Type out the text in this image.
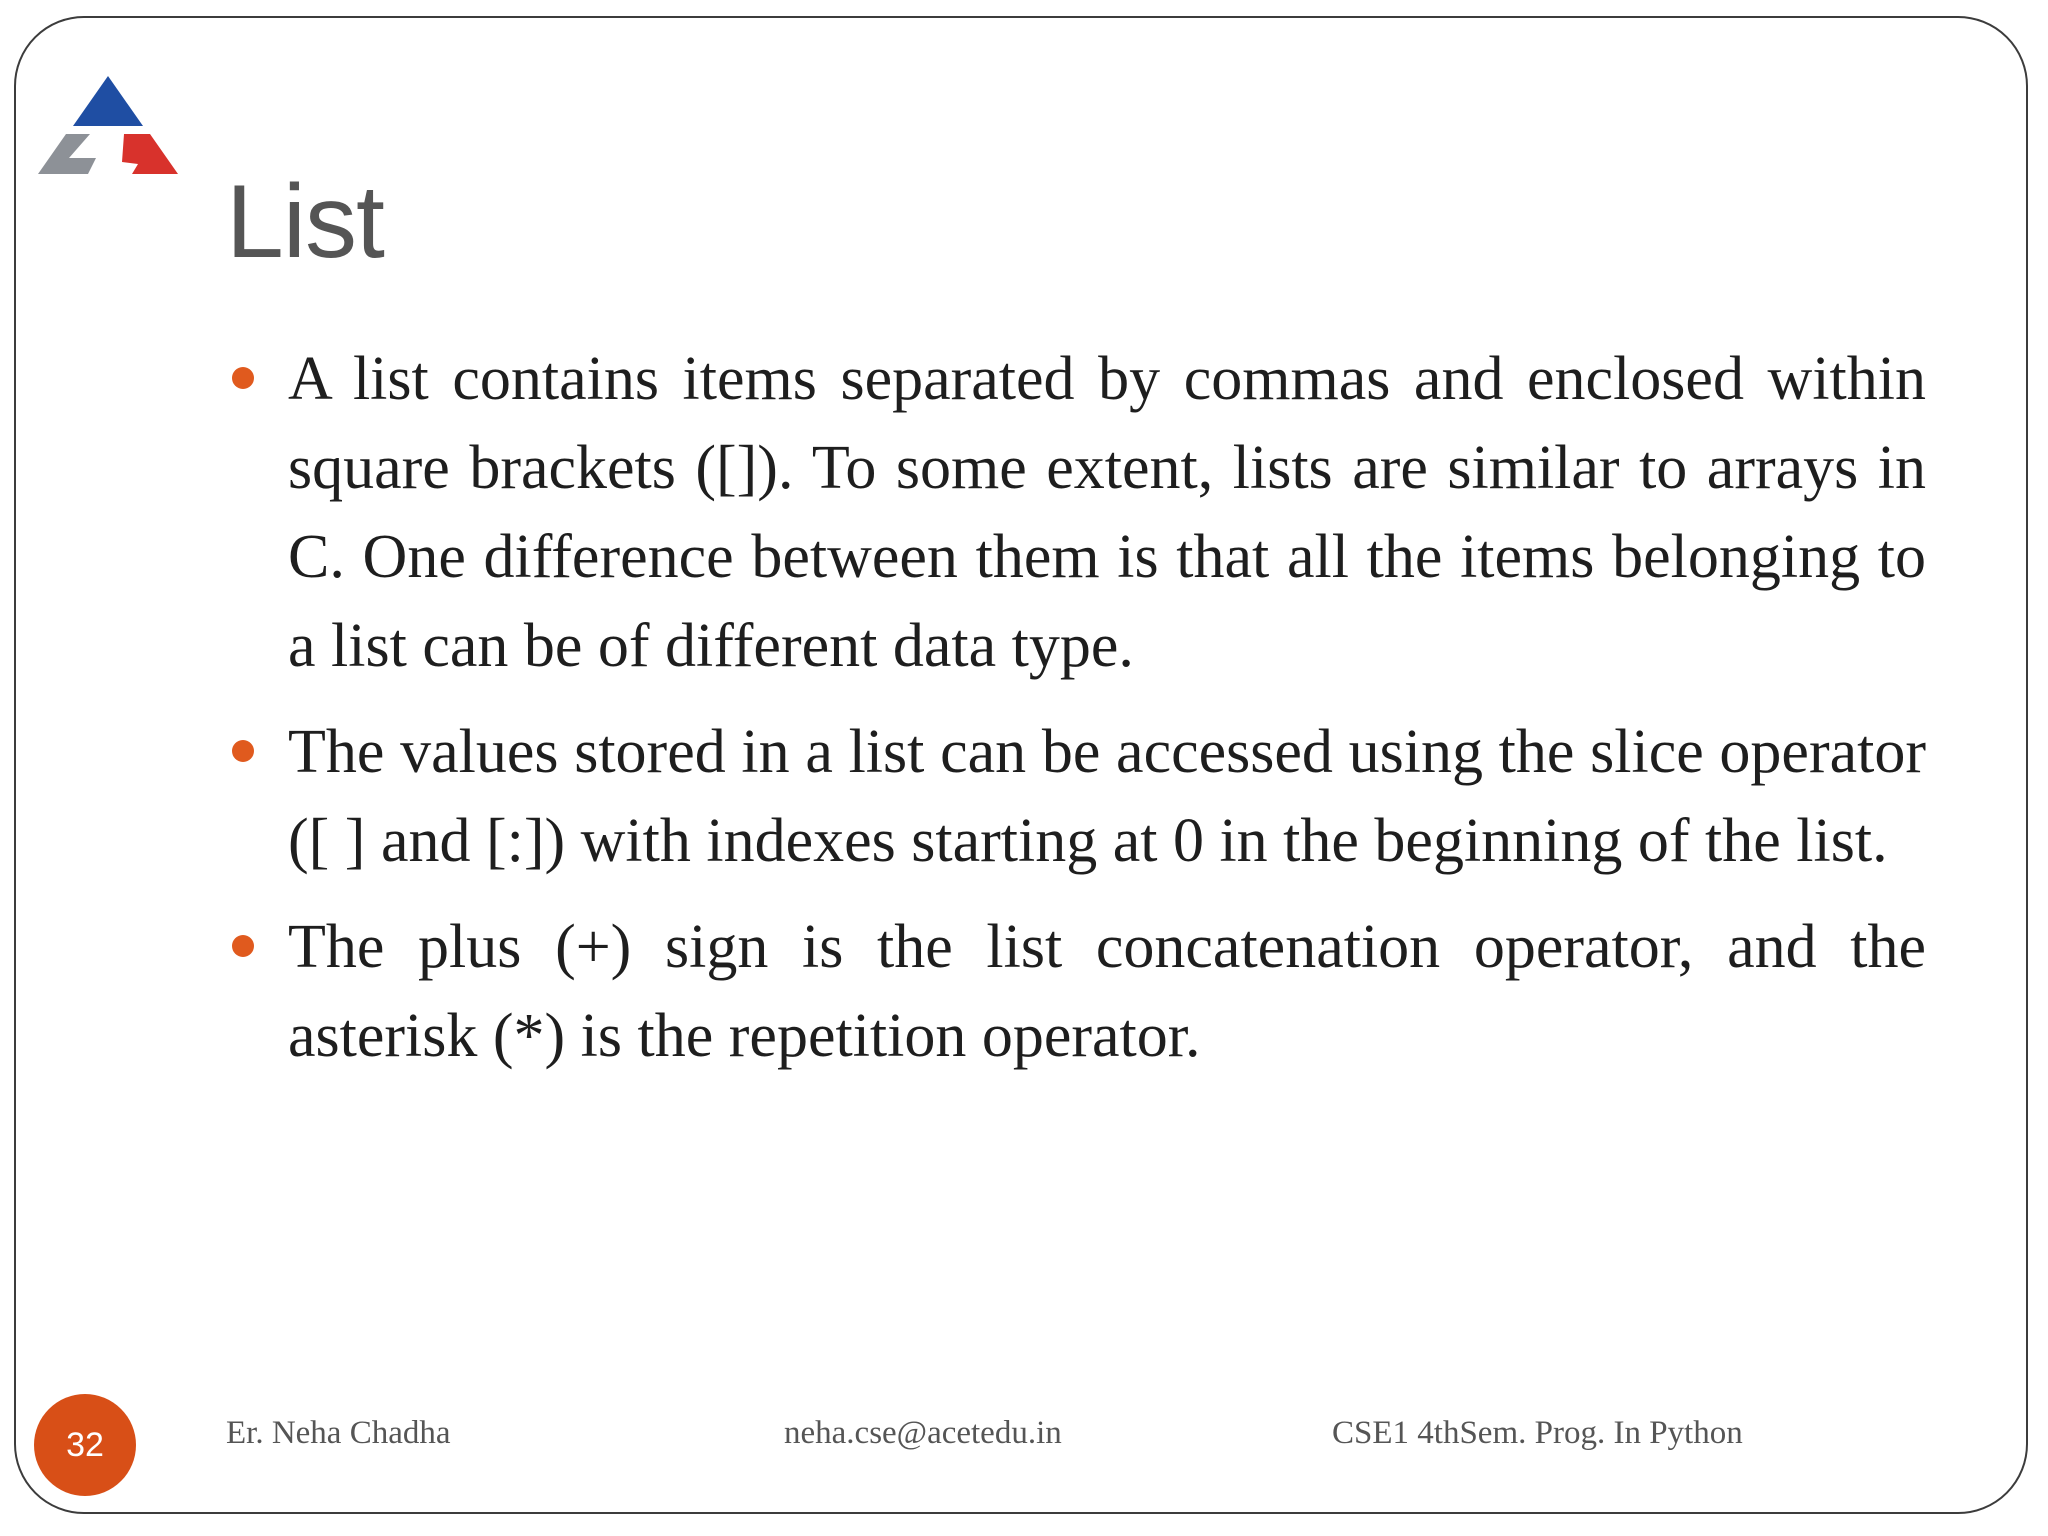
List
A list contains items separated by commas and enclosed within square brackets ([]). To some extent, lists are similar to arrays in C. One difference between them is that all the items belonging to a list can be of different data type.
The values stored in a list can be accessed using the slice operator ([ ] and [:]) with indexes starting at 0 in the beginning of the list.
The plus (+) sign is the list concatenation operator, and the asterisk (*) is the repetition operator.
32	Er. Neha Chadha	neha.cse@acetedu.in	CSE1 4thSem. Prog. In Python
